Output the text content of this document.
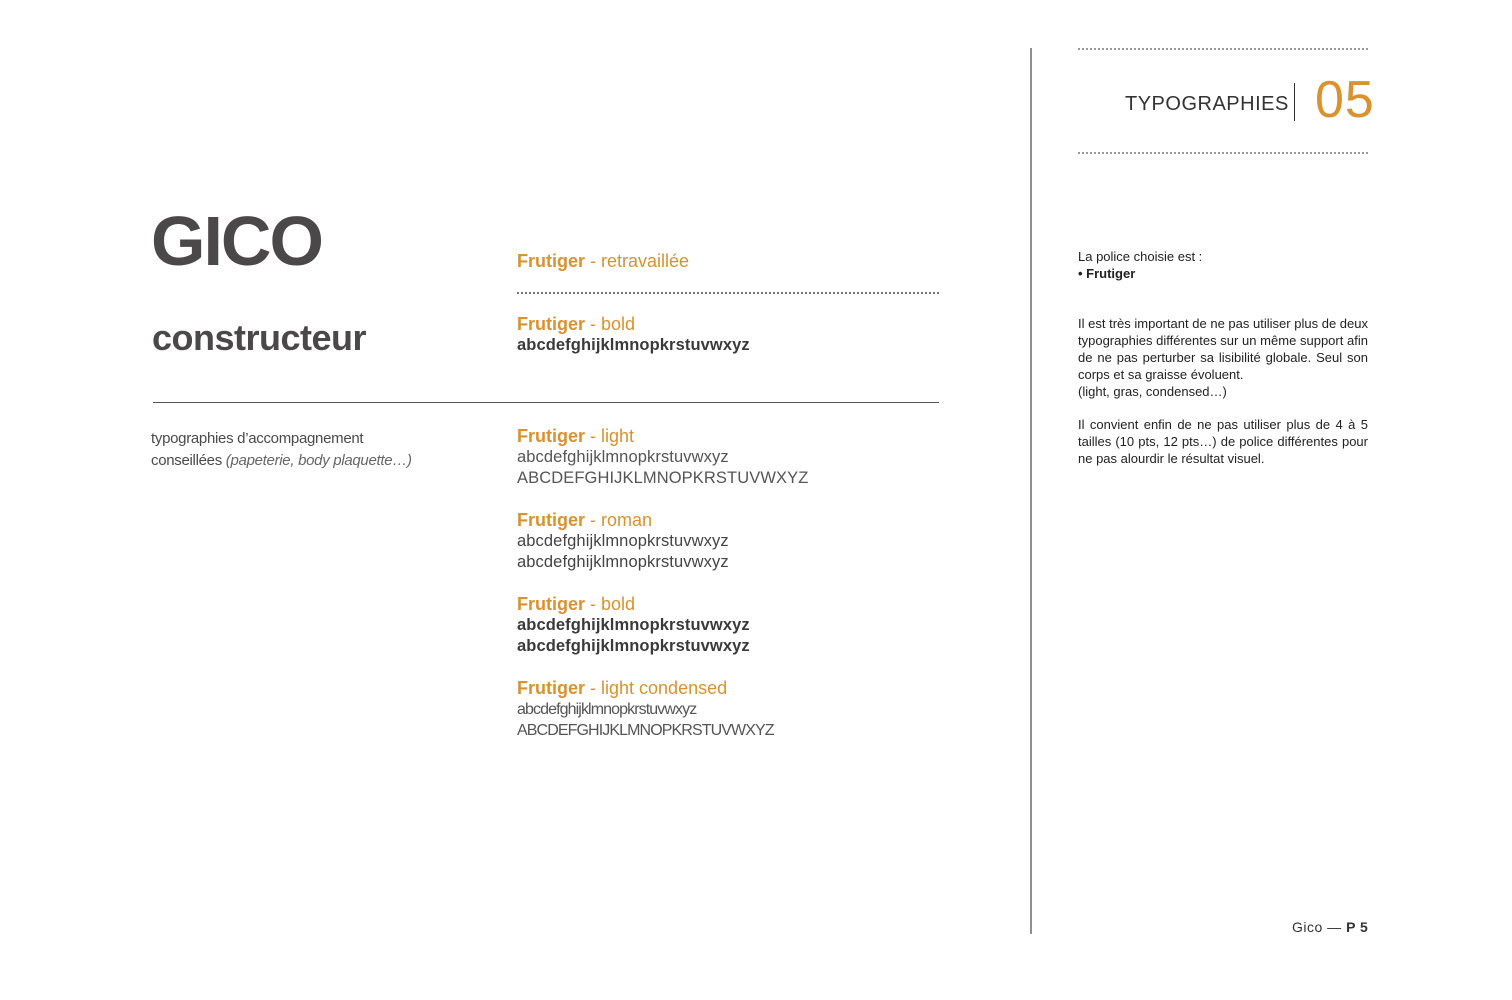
TYPOGRAPHIES 05
GICO
constructeur
typographies d’accompagnement
conseillées (papeterie, body plaquette…)
Frutiger - retravaillée
Frutiger - bold
abcdefghijklmnopkrstuvwxyz
Frutiger - light
abcdefghijklmnopkrstuvwxyz
ABCDEFGHIJKLMNOPKRSTUVWXYZ
Frutiger - roman
abcdefghijklmnopkrstuvwxyz
abcdefghijklmnopkrstuvwxyz
Frutiger - bold
abcdefghijklmnopkrstuvwxyz
abcdefghijklmnopkrstuvwxyz
Frutiger - light condensed
abcdefghijklmnopkrstuvwxyz
ABCDEFGHIJKLMNOPKRSTUVWXYZ

La police choisie est :

• Frutiger

Il est très important de ne pas utiliser plus de deux typographies différentes sur un même support afin de ne pas perturber sa lisibilité globale. Seul son corps et sa graisse évoluent.

(light, gras, condensed…)

Il convient enfin de ne pas utiliser plus de 4 à 5 tailles (10 pts, 12 pts…) de police différentes pour ne pas alourdir le résultat visuel.

Gico — P 5
